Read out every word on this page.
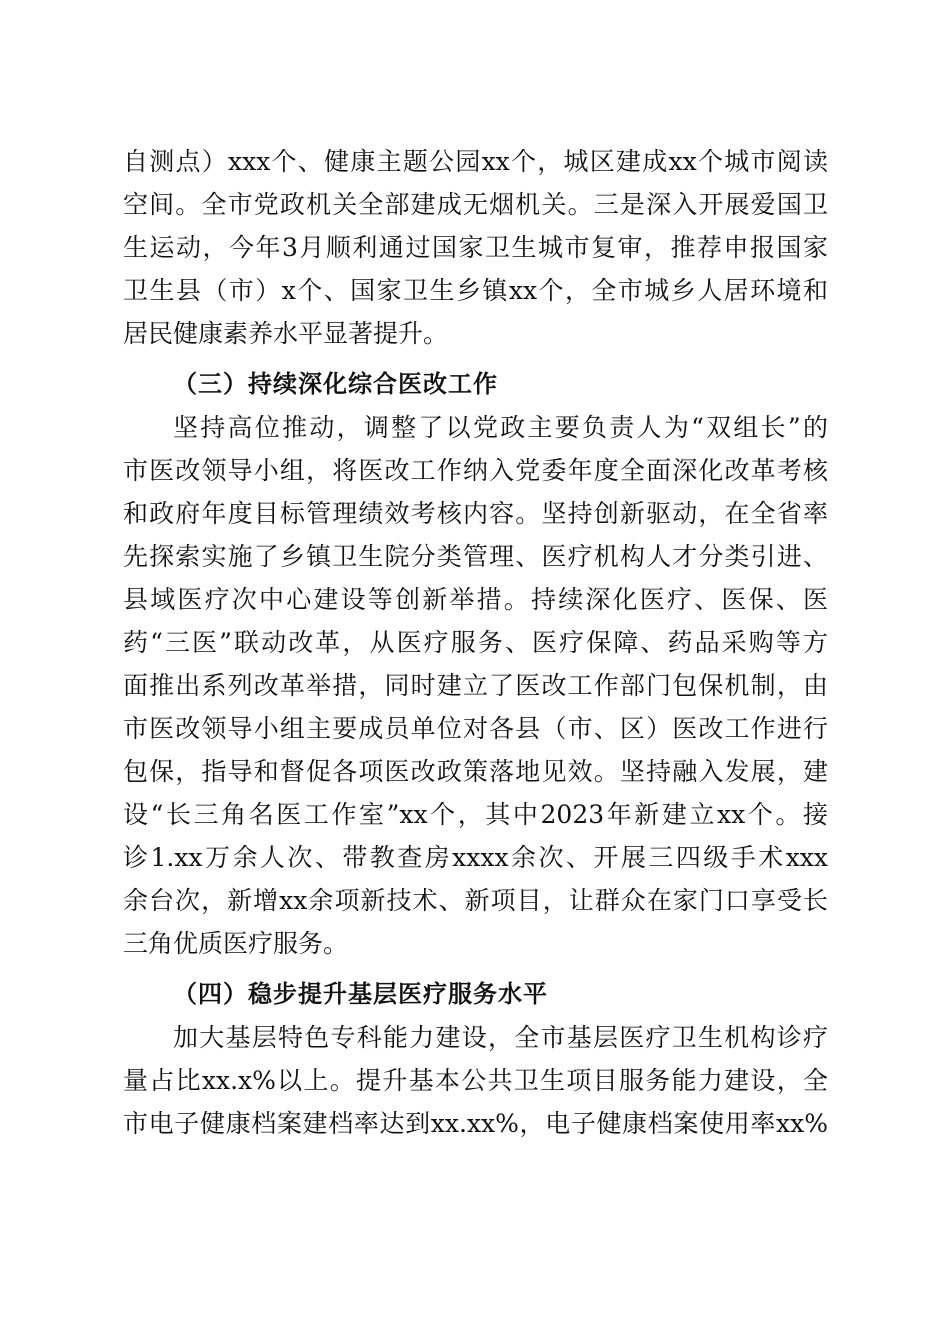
自测点）xxx个、健康主题公园xx个，城区建成xx个城市阅读
空间。全市党政机关全部建成无烟机关。三是深入开展爱国卫
生运动，今年3月顺利通过国家卫生城市复审，推荐申报国家
卫生县（市）x个、国家卫生乡镇xx个，全市城乡人居环境和
居民健康素养水平显著提升。
（三）持续深化综合医改工作
坚持高位推动，调整了以党政主要负责人为“双组长”的
市医改领导小组，将医改工作纳入党委年度全面深化改革考核
和政府年度目标管理绩效考核内容。坚持创新驱动，在全省率
先探索实施了乡镇卫生院分类管理、医疗机构人才分类引进、
县域医疗次中心建设等创新举措。持续深化医疗、医保、医
药“三医”联动改革，从医疗服务、医疗保障、药品采购等方
面推出系列改革举措，同时建立了医改工作部门包保机制，由
市医改领导小组主要成员单位对各县（市、区）医改工作进行
包保，指导和督促各项医改政策落地见效。坚持融入发展，建
设“长三角名医工作室”xx个，其中2023年新建立xx个。接
诊1.xx万余人次、带教查房xxxx余次、开展三四级手术xxx
余台次，新增xx余项新技术、新项目，让群众在家门口享受长
三角优质医疗服务。
（四）稳步提升基层医疗服务水平
加大基层特色专科能力建设，全市基层医疗卫生机构诊疗
量占比xx.x%以上。提升基本公共卫生项目服务能力建设，全
市电子健康档案建档率达到xx.xx%，电子健康档案使用率xx%
